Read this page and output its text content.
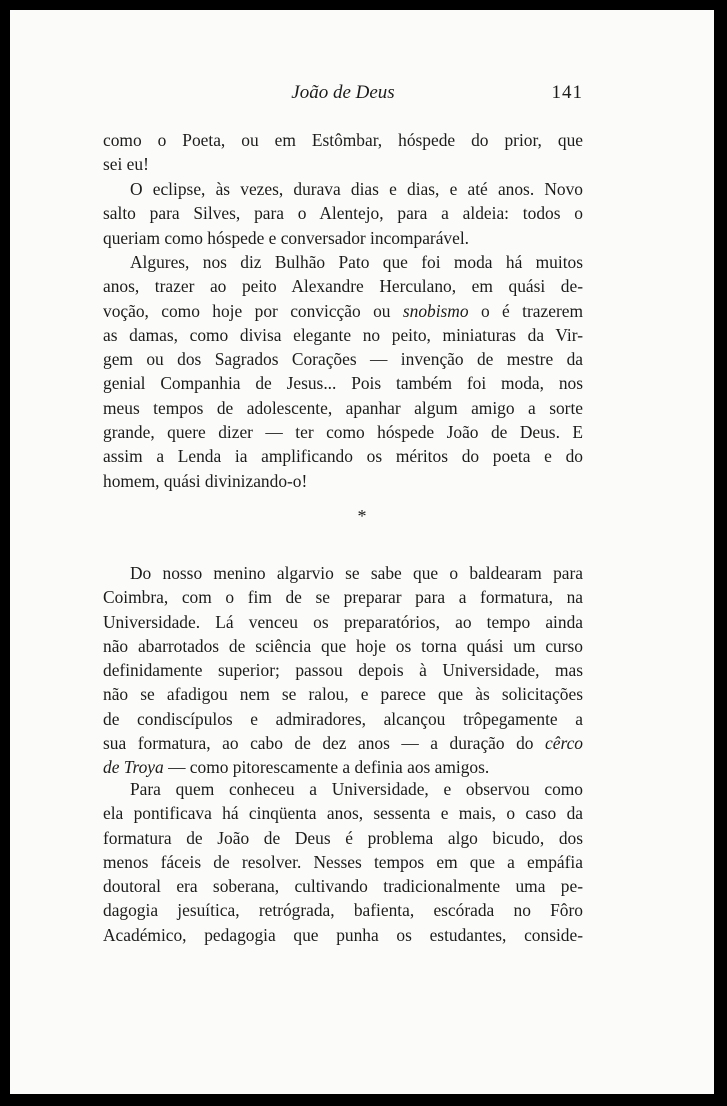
João de Deus	141
como o Poeta, ou em Estômbar, hóspede do prior, que
sei eu!
O eclipse, às vezes, durava dias e dias, e até anos. Novo
salto para Silves, para o Alentejo, para a aldeia: todos o
queriam como hóspede e conversador incomparável.
Algures, nos diz Bulhão Pato que foi moda há muitos
anos, trazer ao peito Alexandre Herculano, em quási de-
voção, como hoje por convicção ou snobismo o é trazerem
as damas, como divisa elegante no peito, miniaturas da Vir-
gem ou dos Sagrados Corações — invenção de mestre da
genial Companhia de Jesus... Pois também foi moda, nos
meus tempos de adolescente, apanhar algum amigo a sorte
grande, quere dizer — ter como hóspede João de Deus. E
assim a Lenda ia amplificando os méritos do poeta e do
homem, quási divinizando-o!
*
Do nosso menino algarvio se sabe que o baldearam para
Coimbra, com o fim de se preparar para a formatura, na
Universidade. Lá venceu os preparatórios, ao tempo ainda
não abarrotados de sciência que hoje os torna quási um curso
definidamente superior; passou depois à Universidade, mas
não se afadigou nem se ralou, e parece que às solicitações
de condiscípulos e admiradores, alcançou trôpegamente a
sua formatura, ao cabo de dez anos — a duração do cêrco
de Troya — como pitorescamente a definia aos amigos.
Para quem conheceu a Universidade, e observou como
ela pontificava há cinqüenta anos, sessenta e mais, o caso da
formatura de João de Deus é problema algo bicudo, dos
menos fáceis de resolver. Nesses tempos em que a empáfia
doutoral era soberana, cultivando tradicionalmente uma pe-
dagogia jesuítica, retrógrada, bafienta, escórada no Fôro
Académico, pedagogia que punha os estudantes, conside-
